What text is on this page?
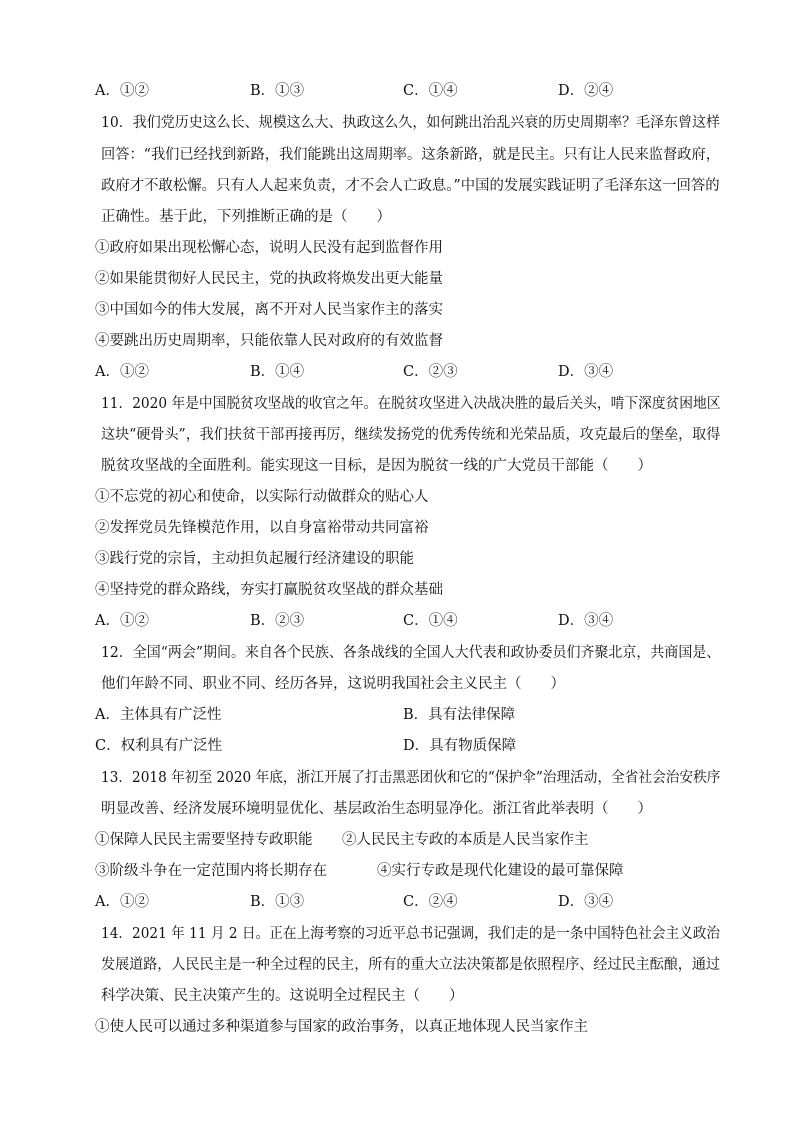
A．①②	B．①③	C．①④	D．②④
10．我们党历史这么长、规模这么大、执政这么久，如何跳出治乱兴衰的历史周期率？毛泽东曾这样
回答：“我们已经找到新路，我们能跳出这周期率。这条新路，就是民主。只有让人民来监督政府，
政府才不敢松懈。只有人人起来负责，才不会人亡政息。”中国的发展实践证明了毛泽东这一回答的
正确性。基于此，下列推断正确的是（　　）
①政府如果出现松懈心态，说明人民没有起到监督作用
②如果能贯彻好人民民主，党的执政将焕发出更大能量
③中国如今的伟大发展，离不开对人民当家作主的落实
④要跳出历史周期率，只能依靠人民对政府的有效监督
A．①②	B．①④	C．②③	D．③④
11．2020 年是中国脱贫攻坚战的收官之年。在脱贫攻坚进入决战决胜的最后关头，啃下深度贫困地区
这块“硬骨头”，我们扶贫干部再接再厉，继续发扬党的优秀传统和光荣品质，攻克最后的堡垒，取得
脱贫攻坚战的全面胜利。能实现这一目标，是因为脱贫一线的广大党员干部能（　　）
①不忘党的初心和使命，以实际行动做群众的贴心人
②发挥党员先锋模范作用，以自身富裕带动共同富裕
③践行党的宗旨，主动担负起履行经济建设的职能
④坚持党的群众路线，夯实打赢脱贫攻坚战的群众基础
A．①②	B．②③	C．①④	D．③④
12．全国“两会”期间。来自各个民族、各条战线的全国人大代表和政协委员们齐聚北京，共商国是、
他们年龄不同、职业不同、经历各异，这说明我国社会主义民主（　　）
A．主体具有广泛性	B．具有法律保障
C．权利具有广泛性	D．具有物质保障
13．2018 年初至 2020 年底，浙江开展了打击黑恶团伙和它的“保护伞”治理活动，全省社会治安秩序
明显改善、经济发展环境明显优化、基层政治生态明显净化。浙江省此举表明（　　）
①保障人民民主需要坚持专政职能 ②人民民主专政的本质是人民当家作主
③阶级斗争在一定范围内将长期存在	④实行专政是现代化建设的最可靠保障
A．①②	B．①③	C．②④	D．③④
14．2021 年 11 月 2 日。正在上海考察的习近平总书记强调，我们走的是一条中国特色社会主义政治
发展道路，人民民主是一种全过程的民主，所有的重大立法决策都是依照程序、经过民主酝酿，通过
科学决策、民主决策产生的。这说明全过程民主（　　）
①使人民可以通过多种渠道参与国家的政治事务，以真正地体现人民当家作主
